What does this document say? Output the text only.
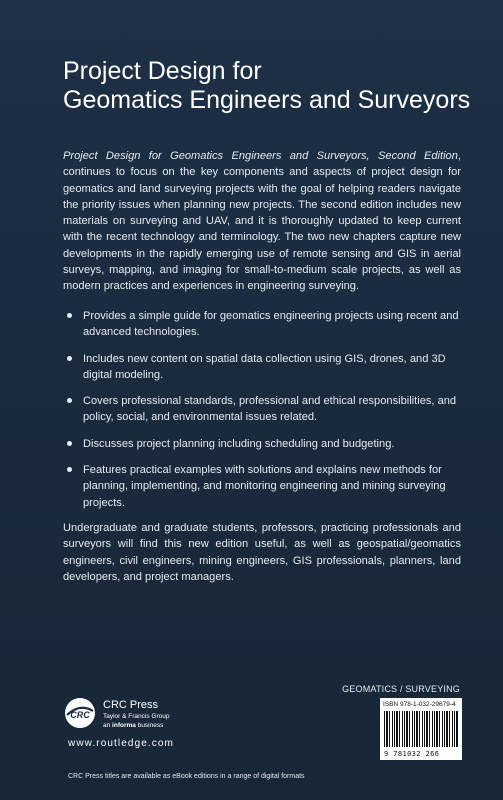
Project Design for
Geomatics Engineers and Surveyors

Project Design for Geomatics Engineers and Surveyors, Second Edition, continues to focus on the key components and aspects of project design for geomatics and land surveying projects with the goal of helping readers navigate the priority issues when planning new projects. The second edition includes new materials on surveying and UAV, and it is thoroughly updated to keep current with the recent technology and terminology. The two new chapters capture new developments in the rapidly emerging use of remote sensing and GIS in aerial surveys, mapping, and imaging for small-to-medium scale projects, as well as modern practices and experiences in engineering surveying.

Provides a simple guide for geomatics engineering projects using recent and advanced technologies.
Includes new content on spatial data collection using GIS, drones, and 3D digital modeling.
Covers professional standards, professional and ethical responsibilities, and policy, social, and environmental issues related.
Discusses project planning including scheduling and budgeting.
Features practical examples with solutions and explains new methods for planning, implementing, and monitoring engineering and mining surveying projects.

Undergraduate and graduate students, professors, practicing professionals and surveyors will find this new edition useful, as well as geospatial/geomatics engineers, civil engineers, mining engineers, GIS professionals, planners, land developers, and project managers.

GEOMATICS / SURVEYING
CRC
CRC Press
Taylor & Francis Group
an informa business
www.routledge.com
ISBN 978-1-032-29679-4
9 781032 266
CRC Press titles are available as eBook editions in a range of digital formats
